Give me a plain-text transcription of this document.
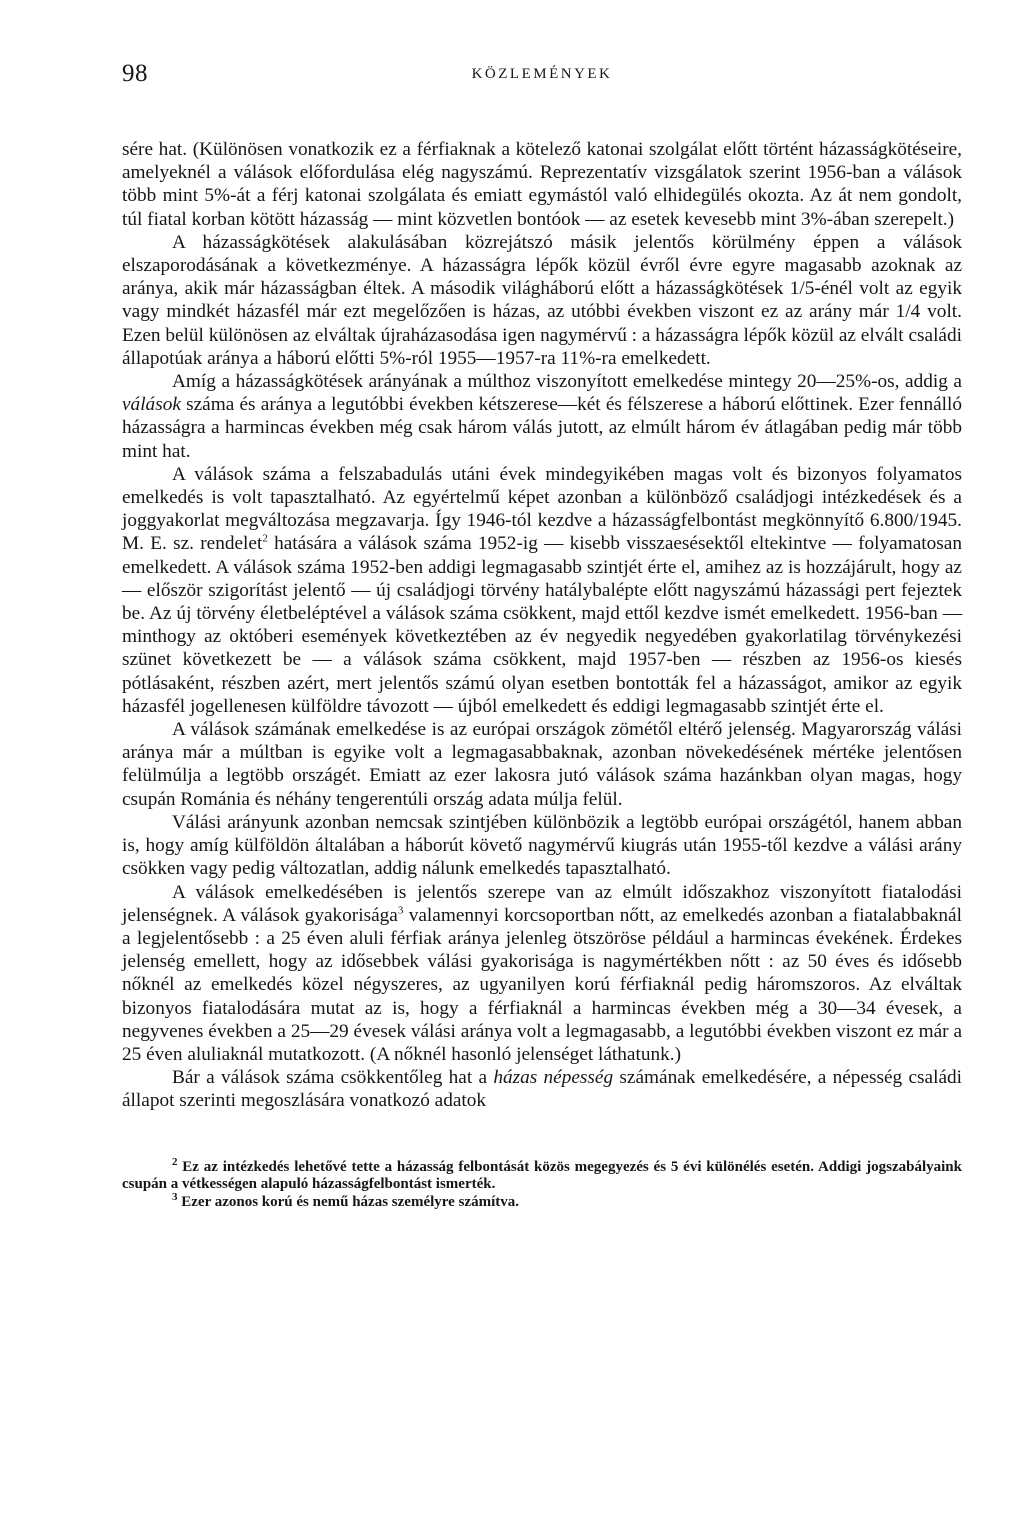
98	KÖZLEMÉNYEK

sére hat. (Különösen vonatkozik ez a férfiaknak a kötelező katonai szolgálat előtt történt házasságkötéseire, amelyeknél a válások előfordulása elég nagyszámú. Reprezentatív vizsgálatok szerint 1956-ban a válások több mint 5%-át a férj katonai szolgálata és emiatt egymástól való elhidegülés okozta. Az át nem gondolt, túl fiatal korban kötött házasság — mint közvetlen bontóok — az esetek kevesebb mint 3%-ában szerepelt.)

A házasságkötések alakulásában közrejátszó másik jelentős körülmény éppen a válások elszaporodásának a következménye. A házasságra lépők közül évről évre egyre magasabb azoknak az aránya, akik már házasságban éltek. A második világháború előtt a házasságkötések 1/5-énél volt az egyik vagy mindkét házasfél már ezt megelőzően is házas, az utóbbi években viszont ez az arány már 1/4 volt. Ezen belül különösen az elváltak újraházasodása igen nagymérvű : a házasságra lépők közül az elvált családi állapotúak aránya a háború előtti 5%-ról 1955—1957-ra 11%-ra emelkedett.

Amíg a házasságkötések arányának a múlthoz viszonyított emelkedése mintegy 20—25%-os, addig a válások száma és aránya a legutóbbi években kétszerese—két és félszerese a háború előttinek. Ezer fennálló házasságra a harmincas években még csak három válás jutott, az elmúlt három év átlagában pedig már több mint hat.

A válások száma a felszabadulás utáni évek mindegyikében magas volt és bizonyos folyamatos emelkedés is volt tapasztalható. Az egyértelmű képet azonban a különböző családjogi intézkedések és a joggyakorlat megváltozása megzavarja. Így 1946-tól kezdve a házasságfelbontást megkönnyítő 6.800/1945. M. E. sz. rendelet$^2$ hatására a válások száma 1952-ig — kisebb visszaesésektől eltekintve — folyamatosan emelkedett. A válások száma 1952-ben addigi legmagasabb szintjét érte el, amihez az is hozzájárult, hogy az — először szigorítást jelentő — új családjogi törvény hatálybalépte előtt nagyszámú házassági pert fejeztek be. Az új törvény életbeléptével a válások száma csökkent, majd ettől kezdve ismét emelkedett. 1956-ban — minthogy az októberi események következtében az év negyedik negyedében gyakorlatilag törvénykezési szünet következett be — a válások száma csökkent, majd 1957-ben — részben az 1956-os kiesés pótlásaként, részben azért, mert jelentős számú olyan esetben bontották fel a házasságot, amikor az egyik házasfél jogellenesen külföldre távozott — újból emelkedett és eddigi legmagasabb szintjét érte el.

A válások számának emelkedése is az európai országok zömétől eltérő jelenség. Magyarország válási aránya már a múltban is egyike volt a legmagasabbaknak, azonban növekedésének mértéke jelentősen felülmúlja a legtöbb országét. Emiatt az ezer lakosra jutó válások száma hazánkban olyan magas, hogy csupán Románia és néhány tengerentúli ország adata múlja felül.

Válási arányunk azonban nemcsak szintjében különbözik a legtöbb európai országétól, hanem abban is, hogy amíg külföldön általában a háborút követő nagymérvű kiugrás után 1955-től kezdve a válási arány csökken vagy pedig változatlan, addig nálunk emelkedés tapasztalható.

A válások emelkedésében is jelentős szerepe van az elmúlt időszakhoz viszonyított fiatalodási jelenségnek. A válások gyakorisága$^3$ valamennyi korcsoportban nőtt, az emelkedés azonban a fiatalabbaknál a legjelentősebb : a 25 éven aluli férfiak aránya jelenleg ötszöröse például a harmincas évekének. Érdekes jelenség emellett, hogy az idősebbek válási gyakorisága is nagymértékben nőtt : az 50 éves és idősebb nőknél az emelkedés közel négyszeres, az ugyanilyen korú férfiaknál pedig háromszoros. Az elváltak bizonyos fiatalodására mutat az is, hogy a férfiaknál a harmincas években még a 30—34 évesek, a negyvenes években a 25—29 évesek válási aránya volt a legmagasabb, a legutóbbi években viszont ez már a 25 éven aluliaknál mutatkozott. (A nőknél hasonló jelenséget láthatunk.)

Bár a válások száma csökkentőleg hat a házas népesség számának emelkedésére, a népesség családi állapot szerinti megoszlására vonatkozó adatok

$^2$ Ez az intézkedés lehetővé tette a házasság felbontását közös megegyezés és 5 évi különélés esetén. Addigi jogszabályaink csupán a vétkességen alapuló házasságfelbontást ismerték.

$^3$ Ezer azonos korú és nemű házas személyre számítva.
